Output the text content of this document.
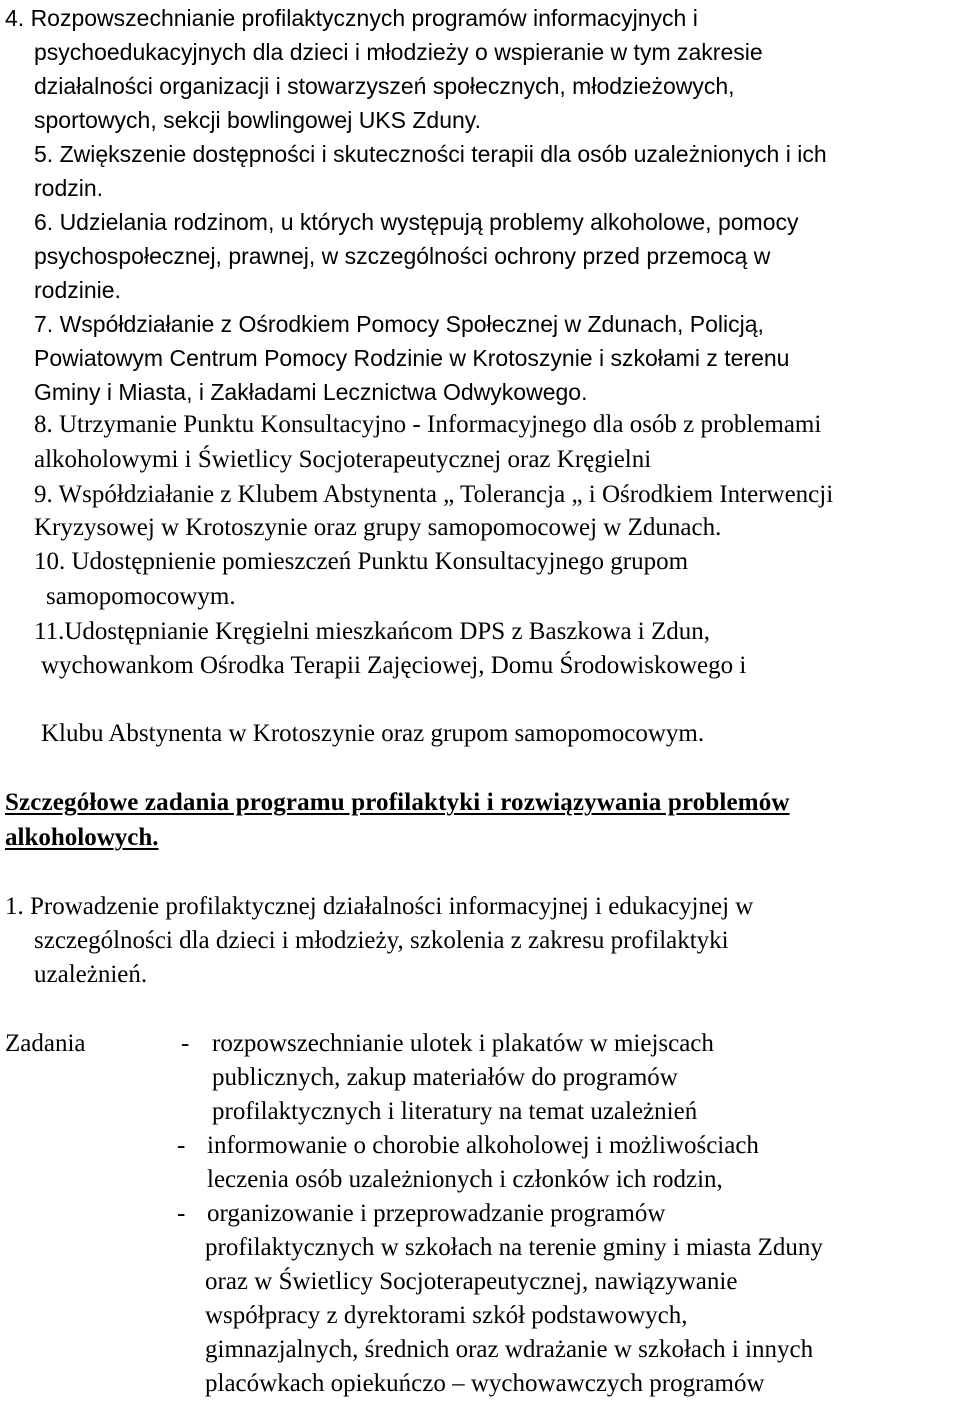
4. Rozpowszechnianie profilaktycznych programów informacyjnych i
psychoedukacyjnych dla dzieci i młodzieży o wspieranie w tym zakresie
działalności organizacji i stowarzyszeń społecznych, młodzieżowych,
sportowych, sekcji bowlingowej UKS Zduny.
5. Zwiększenie dostępności i skuteczności terapii dla osób uzależnionych i ich
rodzin.
6. Udzielania rodzinom, u których występują problemy alkoholowe, pomocy
psychospołecznej, prawnej, w szczególności ochrony przed przemocą w
rodzinie.
7. Współdziałanie z Ośrodkiem Pomocy Społecznej w Zdunach, Policją,
Powiatowym Centrum Pomocy Rodzinie w Krotoszynie i szkołami z terenu
Gminy i Miasta, i Zakładami Lecznictwa Odwykowego.
8. Utrzymanie Punktu Konsultacyjno - Informacyjnego dla osób z problemami
alkoholowymi i Świetlicy Socjoterapeutycznej oraz Kręgielni
9. Współdziałanie z Klubem Abstynenta „ Tolerancja „ i Ośrodkiem Interwencji
Kryzysowej w Krotoszynie oraz grupy samopomocowej w Zdunach.
10. Udostępnienie pomieszczeń Punktu Konsultacyjnego grupom
samopomocowym.
11.Udostępnianie Kręgielni mieszkańcom DPS z Baszkowa i Zdun,
wychowankom Ośrodka Terapii Zajęciowej, Domu Środowiskowego i
Klubu Abstynenta w Krotoszynie oraz grupom samopomocowym.
Szczegółowe zadania programu profilaktyki i rozwiązywania problemów
alkoholowych.
1. Prowadzenie profilaktycznej działalności informacyjnej i edukacyjnej w
szczególności dla dzieci i młodzieży, szkolenia z zakresu profilaktyki
uzależnień.
Zadania	- rozpowszechnianie ulotek i plakatów w miejscach
publicznych, zakup materiałów do programów
profilaktycznych i literatury na temat uzależnień
- informowanie o chorobie alkoholowej i możliwościach
leczenia osób uzależnionych i członków ich rodzin,
- organizowanie i przeprowadzanie programów
profilaktycznych w szkołach na terenie gminy i miasta Zduny
oraz w Świetlicy Socjoterapeutycznej, nawiązywanie
współpracy z dyrektorami szkół podstawowych,
gimnazjalnych, średnich oraz wdrażanie w szkołach i innych
placówkach opiekuńczo – wychowawczych programów
